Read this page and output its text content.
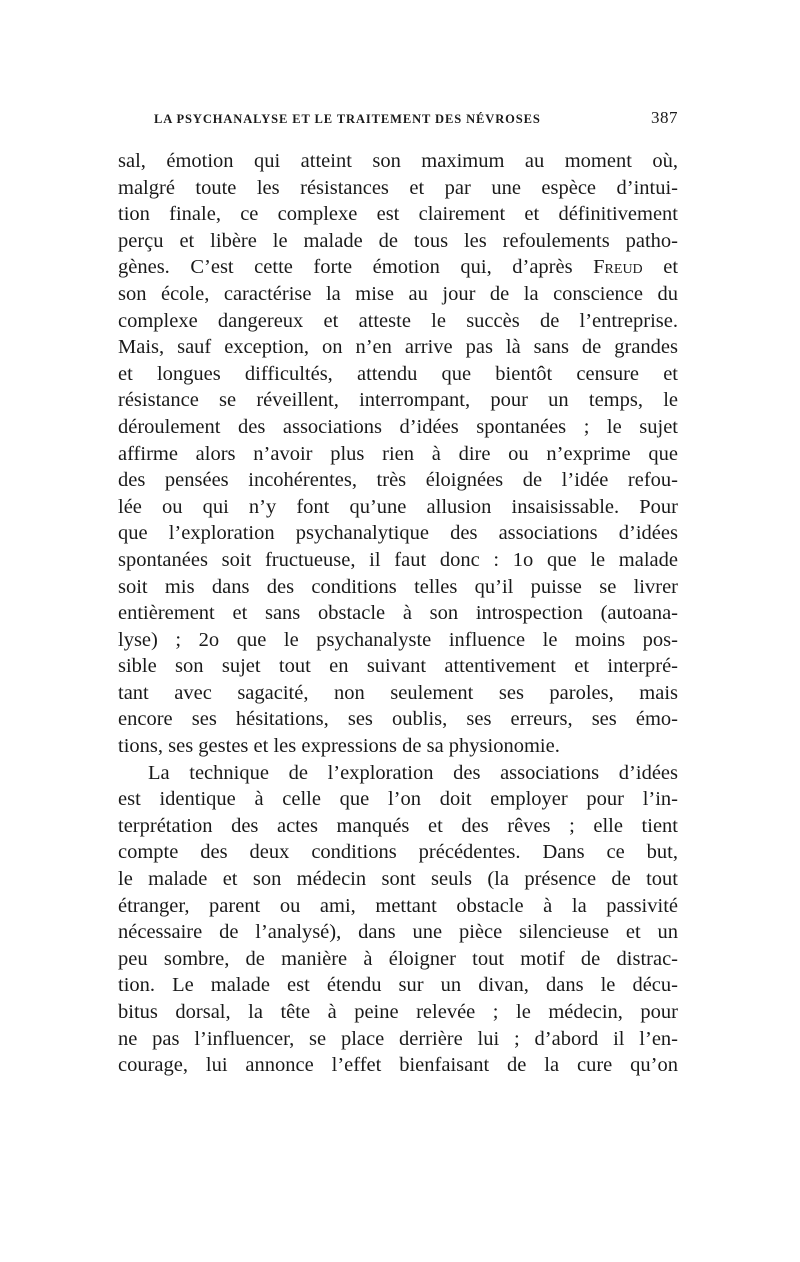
LA PSYCHANALYSE ET LE TRAITEMENT DES NÉVROSES	387
sal, émotion qui atteint son maximum au moment où,
malgré toute les résistances et par une espèce d’intui-
tion finale, ce complexe est clairement et définitivement
perçu et libère le malade de tous les refoulements patho-
gènes. C’est cette forte émotion qui, d’après Freud et
son école, caractérise la mise au jour de la conscience du
complexe dangereux et atteste le succès de l’entreprise.
Mais, sauf exception, on n’en arrive pas là sans de grandes
et longues difficultés, attendu que bientôt censure et
résistance se réveillent, interrompant, pour un temps, le
déroulement des associations d’idées spontanées ; le sujet
affirme alors n’avoir plus rien à dire ou n’exprime que
des pensées incohérentes, très éloignées de l’idée refou-
lée ou qui n’y font qu’une allusion insaisissable. Pour
que l’exploration psychanalytique des associations d’idées
spontanées soit fructueuse, il faut donc : 1o que le malade
soit mis dans des conditions telles qu’il puisse se livrer
entièrement et sans obstacle à son introspection (autoana-
lyse) ; 2o que le psychanalyste influence le moins pos-
sible son sujet tout en suivant attentivement et interpré-
tant avec sagacité, non seulement ses paroles, mais
encore ses hésitations, ses oublis, ses erreurs, ses émo-
tions, ses gestes et les expressions de sa physionomie.
La technique de l’exploration des associations d’idées
est identique à celle que l’on doit employer pour l’in-
terprétation des actes manqués et des rêves ; elle tient
compte des deux conditions précédentes. Dans ce but,
le malade et son médecin sont seuls (la présence de tout
étranger, parent ou ami, mettant obstacle à la passivité
nécessaire de l’analysé), dans une pièce silencieuse et un
peu sombre, de manière à éloigner tout motif de distrac-
tion. Le malade est étendu sur un divan, dans le décu-
bitus dorsal, la tête à peine relevée ; le médecin, pour
ne pas l’influencer, se place derrière lui ; d’abord il l’en-
courage, lui annonce l’effet bienfaisant de la cure qu’on
